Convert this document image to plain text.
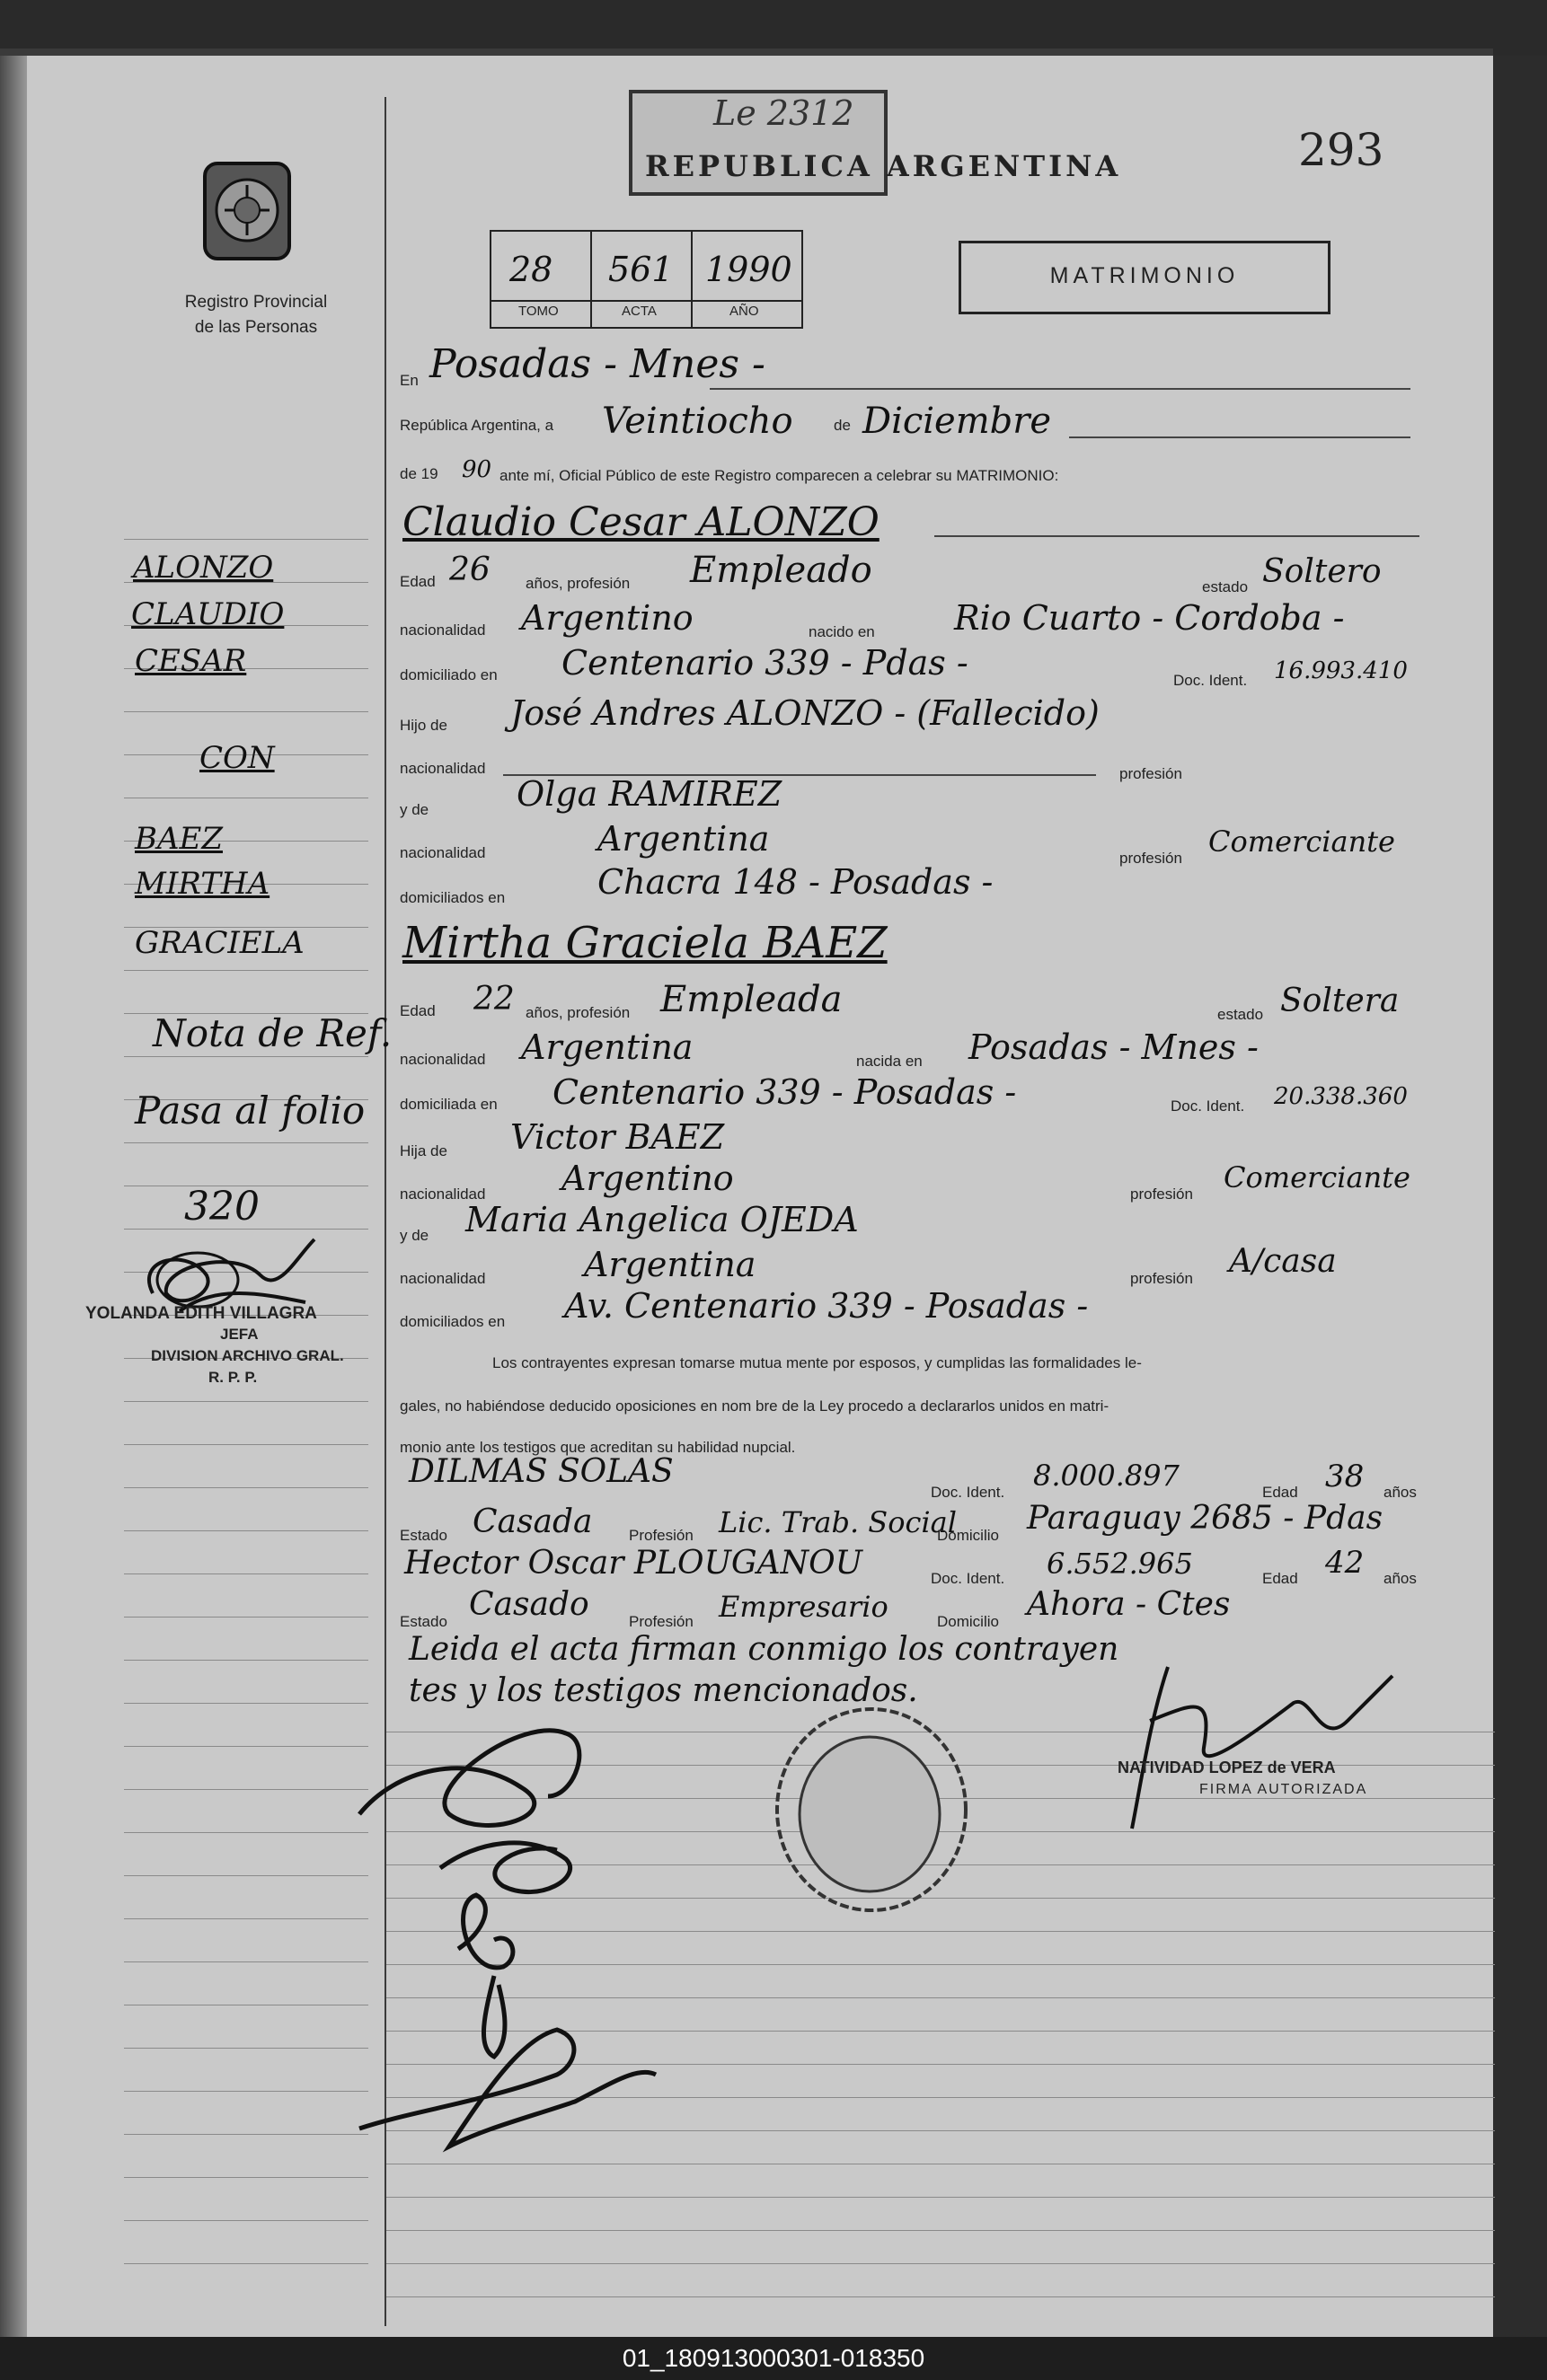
Le 2312
REPUBLICA ARGENTINA	293
Registro Provincial
de las Personas
28 561 1990
TOMO	ACTA	AÑO
MATRIMONIO
ALONZO
CLAUDIO
CESAR
CON
BAEZ
MIRTHA
GRACIELA
Nota de Ref.
Pasa al folio
320
YOLANDA EDITH VILLAGRA
JEFA
DIVISION ARCHIVO GRAL.
R. P. P.
En Posadas - Mnes -
República Argentina, a Veintiocho	de Diciembre
de 19 90 ante mí, Oficial Público de este Registro comparecen a celebrar su MATRIMONIO:
Claudio Cesar ALONZO
Edad 26 años, profesión Empleado	estado Soltero
nacionalidad Argentino	nacido en Rio Cuarto - Cordoba -
domiciliado en Centenario 339 - Pdas -	Doc. Ident. 16.993.410
Hijo de José Andres ALONZO - (Fallecido)
nacionalidad	profesión
y de	Olga RAMIREZ
nacionalidad	Argentina	profesión Comerciante
domiciliados en	Chacra 148 - Posadas -
Mirtha Graciela BAEZ
Edad 22 años, profesión Empleada	estado Soltera
nacionalidad Argentina	nacida en Posadas - Mnes -
domiciliada en Centenario 339 - Posadas -	Doc. Ident. 20.338.360
Hija de Victor BAEZ
nacionalidad Argentino	profesión Comerciante
y de Maria Angelica OJEDA
nacionalidad	Argentina	profesión A/casa
domiciliados en Av. Centenario 339 - Posadas -
Los contrayentes expresan tomarse mutua mente por esposos, y cumplidas las formalidades le-
gales, no habiéndose deducido oposiciones en nom bre de la Ley procedo a declararlos unidos en matri-
monio ante los testigos que acreditan su habilidad nupcial.
DILMAS SOLAS
Doc. Ident. 8.000.897	Edad 38 años
Estado Casada Profesión Lic. Trab. Social
Domicilio Paraguay 2685 - Pdas
Hector Oscar PLOUGANOU	Doc. Ident. 6.552.965	Edad 42 años
Estado Casado	Profesión Empresario	Domicilio Ahora - Ctes
Leida el acta firman conmigo los contrayen
tes y los testigos mencionados.
NATIVIDAD LOPEZ de VERA
FIRMA AUTORIZADA
01_180913000301-018350
